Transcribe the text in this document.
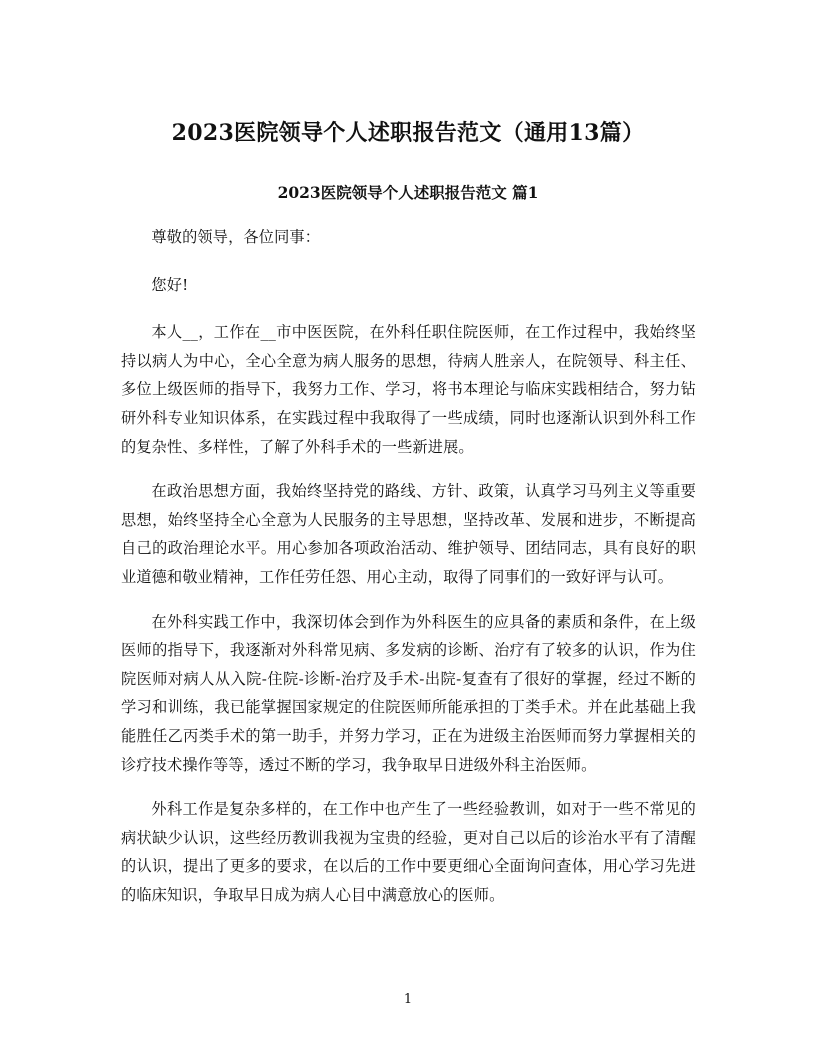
2023医院领导个人述职报告范文（通用13篇）
2023医院领导个人述职报告范文 篇1

尊敬的领导，各位同事：

您好!

本人__，工作在__市中医医院，在外科任职住院医师，在工作过程中，我始终坚持以病人为中心，全心全意为病人服务的思想，待病人胜亲人，在院领导、科主任、多位上级医师的指导下，我努力工作、学习，将书本理论与临床实践相结合，努力钻研外科专业知识体系，在实践过程中我取得了一些成绩，同时也逐渐认识到外科工作的复杂性、多样性，了解了外科手术的一些新进展。

在政治思想方面，我始终坚持党的路线、方针、政策，认真学习马列主义等重要思想，始终坚持全心全意为人民服务的主导思想，坚持改革、发展和进步，不断提高自己的政治理论水平。用心参加各项政治活动、维护领导、团结同志，具有良好的职业道德和敬业精神，工作任劳任怨、用心主动，取得了同事们的一致好评与认可。

在外科实践工作中，我深切体会到作为外科医生的应具备的素质和条件，在上级医师的指导下，我逐渐对外科常见病、多发病的诊断、治疗有了较多的认识，作为住院医师对病人从入院-住院-诊断-治疗及手术-出院-复查有了很好的掌握，经过不断的学习和训练，我已能掌握国家规定的住院医师所能承担的丁类手术。并在此基础上我能胜任乙丙类手术的第一助手，并努力学习，正在为进级主治医师而努力掌握相关的诊疗技术操作等等，透过不断的学习，我争取早日进级外科主治医师。

外科工作是复杂多样的，在工作中也产生了一些经验教训，如对于一些不常见的病状缺少认识，这些经历教训我视为宝贵的经验，更对自己以后的诊治水平有了清醒的认识，提出了更多的要求，在以后的工作中要更细心全面询问查体，用心学习先进的临床知识，争取早日成为病人心目中满意放心的医师。

1
